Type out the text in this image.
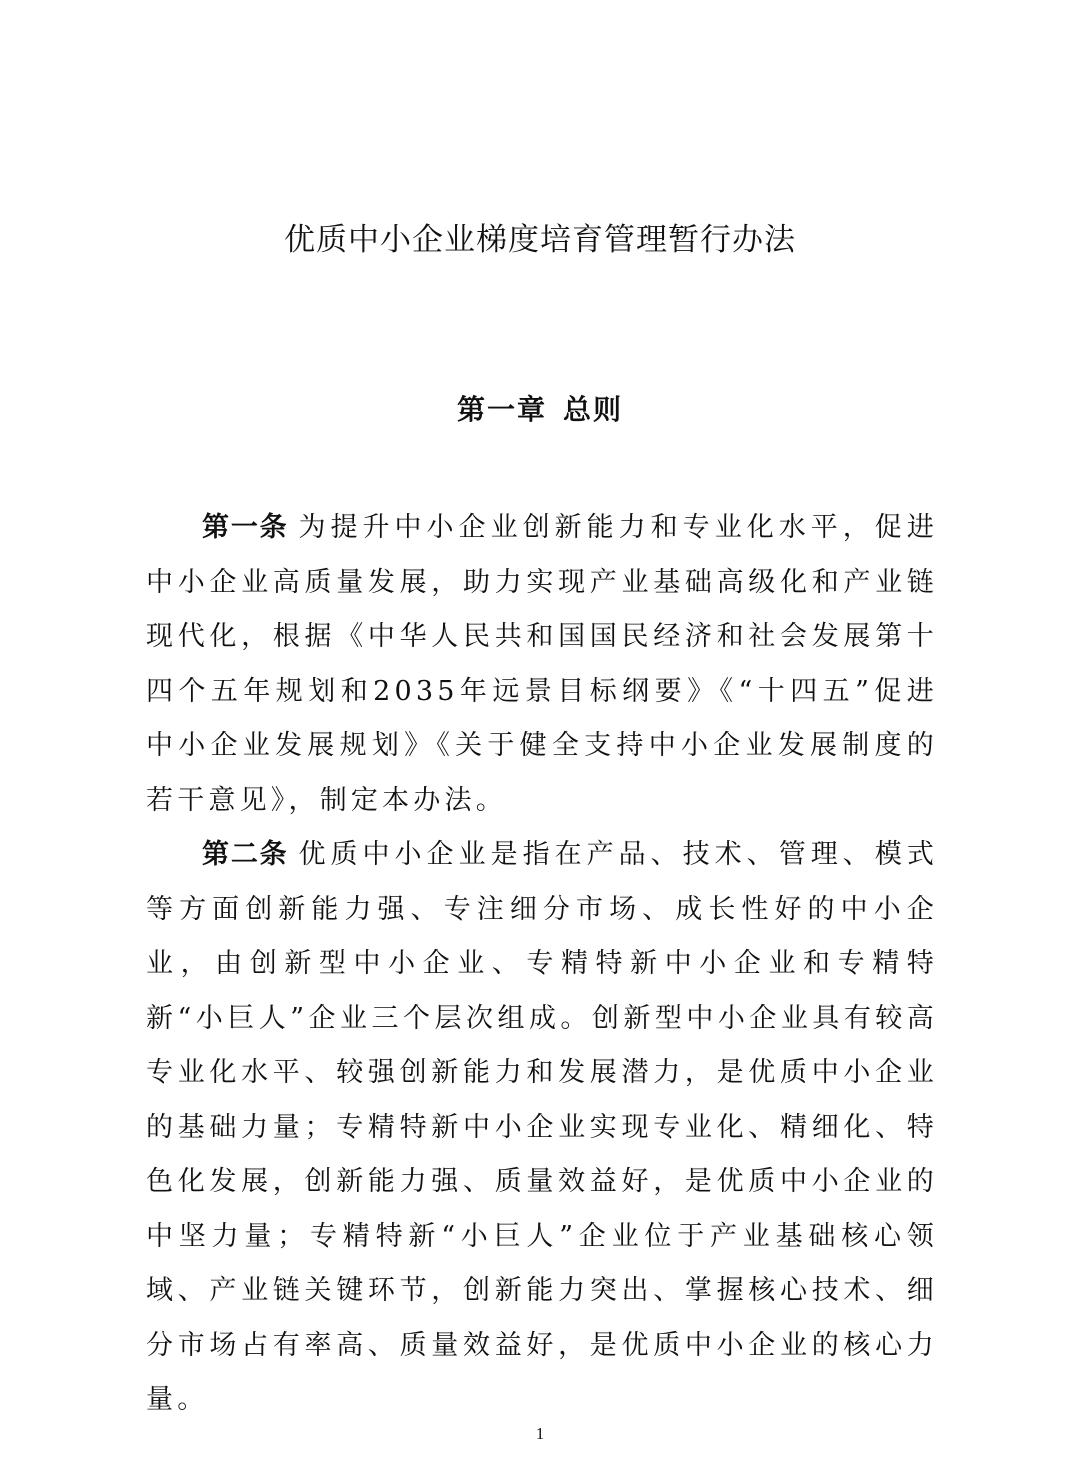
优质中小企业梯度培育管理暂行办法
第一章 总则

第一条 为提升中小企业创新能力和专业化水平，促进中小企业高质量发展，助力实现产业基础高级化和产业链现代化，根据《中华人民共和国国民经济和社会发展第十四个五年规划和2035年远景目标纲要》《“十四五”促进中小企业发展规划》《关于健全支持中小企业发展制度的若干意见》，制定本办法。

第二条 优质中小企业是指在产品、技术、管理、模式等方面创新能力强、专注细分市场、成长性好的中小企业，由创新型中小企业、专精特新中小企业和专精特新“小巨人”企业三个层次组成。创新型中小企业具有较高专业化水平、较强创新能力和发展潜力，是优质中小企业的基础力量；专精特新中小企业实现专业化、精细化、特色化发展，创新能力强、质量效益好，是优质中小企业的中坚力量；专精特新“小巨人”企业位于产业基础核心领域、产业链关键环节，创新能力突出、掌握核心技术、细分市场占有率高、质量效益好，是优质中小企业的核心力量。

1
